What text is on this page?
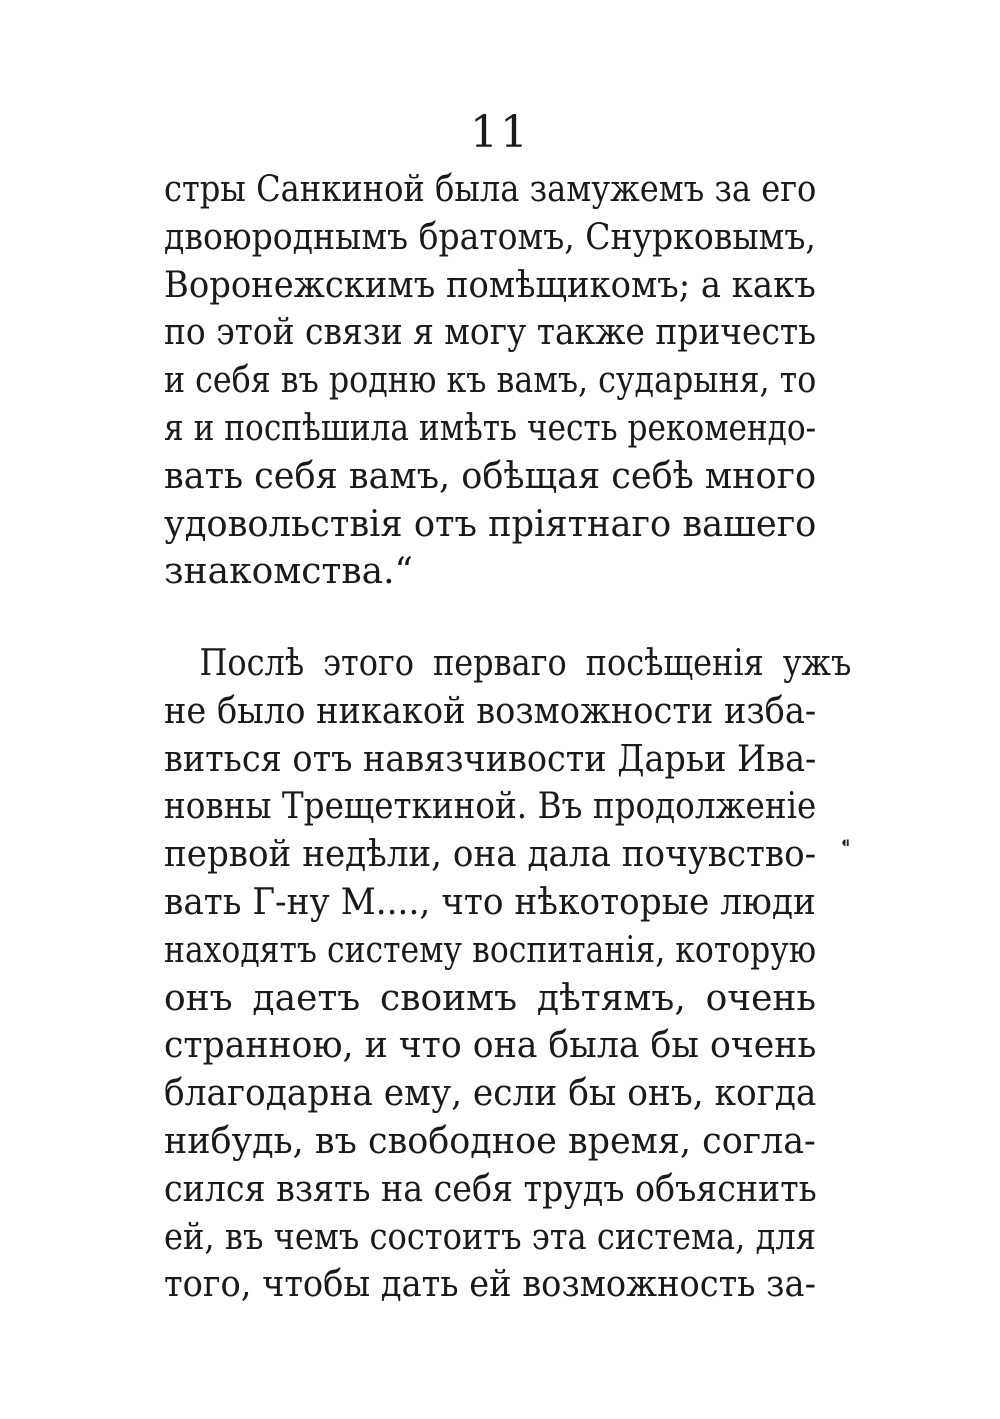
11
стры Санкиной была замужемъ за его
двоюроднымъ братомъ, Снурковымъ,
Воронежскимъ помѣщикомъ; а какъ
по этой связи я могу также причесть
и себя въ родню къ вамъ, сударыня, то
я и поспѣшила имѣть честь рекомендо-
вать себя вамъ, обѣщая себѣ много
удовольствія отъ пріятнаго вашего
знакомства.“
Послѣ этого перваго посѣщенія ужъ
не было никакой возможности изба-
виться отъ навязчивости Дарьи Ива-
новны Трещеткиной. Въ продолженіе
первой недѣли, она дала почувство-
вать Г-ну М...., что нѣкоторые люди
находятъ систему воспитанія, которую
онъ даетъ своимъ дѣтямъ, очень
странною, и что она была бы очень
благодарна ему, если бы онъ, когда
нибудь, въ свободное время, согла-
сился взять на себя трудъ объяснить
ей, въ чемъ состоитъ эта система, для
того, чтобы дать ей возможность за-
⁌
